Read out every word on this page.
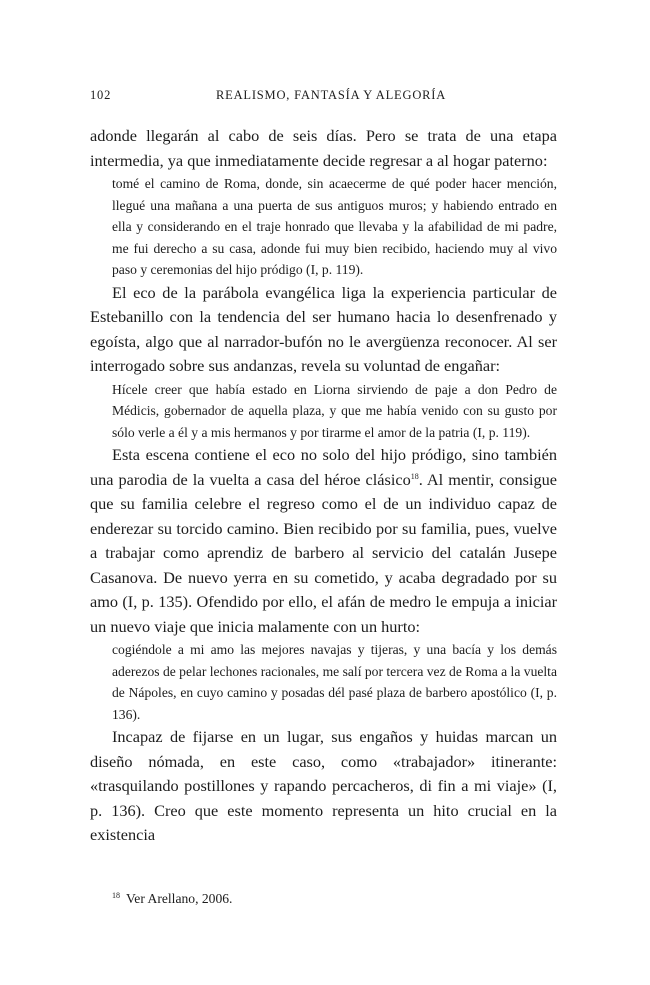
102	REALISMO, FANTASÍA Y ALEGORÍA

adonde llegarán al cabo de seis días. Pero se trata de una etapa intermedia, ya que inmediatamente decide regresar a al hogar paterno:

tomé el camino de Roma, donde, sin acaecerme de qué poder hacer mención, llegué una mañana a una puerta de sus antiguos muros; y habiendo entrado en ella y considerando en el traje honrado que llevaba y la afabilidad de mi padre, me fui derecho a su casa, adonde fui muy bien recibido, haciendo muy al vivo paso y ceremonias del hijo pródigo (I, p. 119).

El eco de la parábola evangélica liga la experiencia particular de Estebanillo con la tendencia del ser humano hacia lo desenfrenado y egoísta, algo que al narrador-bufón no le avergüenza reconocer. Al ser interrogado sobre sus andanzas, revela su voluntad de engañar:

Hícele creer que había estado en Liorna sirviendo de paje a don Pedro de Médicis, gobernador de aquella plaza, y que me había venido con su gusto por sólo verle a él y a mis hermanos y por tirarme el amor de la patria (I, p. 119).

Esta escena contiene el eco no solo del hijo pródigo, sino también una parodia de la vuelta a casa del héroe clásico$^{18}$. Al mentir, consigue que su familia celebre el regreso como el de un individuo capaz de enderezar su torcido camino. Bien recibido por su familia, pues, vuelve a trabajar como aprendiz de barbero al servicio del catalán Jusepe Casanova. De nuevo yerra en su cometido, y acaba degradado por su amo (I, p. 135). Ofendido por ello, el afán de medro le empuja a iniciar un nuevo viaje que inicia malamente con un hurto:

cogiéndole a mi amo las mejores navajas y tijeras, y una bacía y los demás aderezos de pelar lechones racionales, me salí por tercera vez de Roma a la vuelta de Nápoles, en cuyo camino y posadas dél pasé plaza de barbero apostólico (I, p. 136).

Incapaz de fijarse en un lugar, sus engaños y huidas marcan un diseño nómada, en este caso, como «trabajador» itinerante: «trasquilando postillones y rapando percacheros, di fin a mi viaje» (I, p. 136). Creo que este momento representa un hito crucial en la existencia

$^{18}$ Ver Arellano, 2006.
